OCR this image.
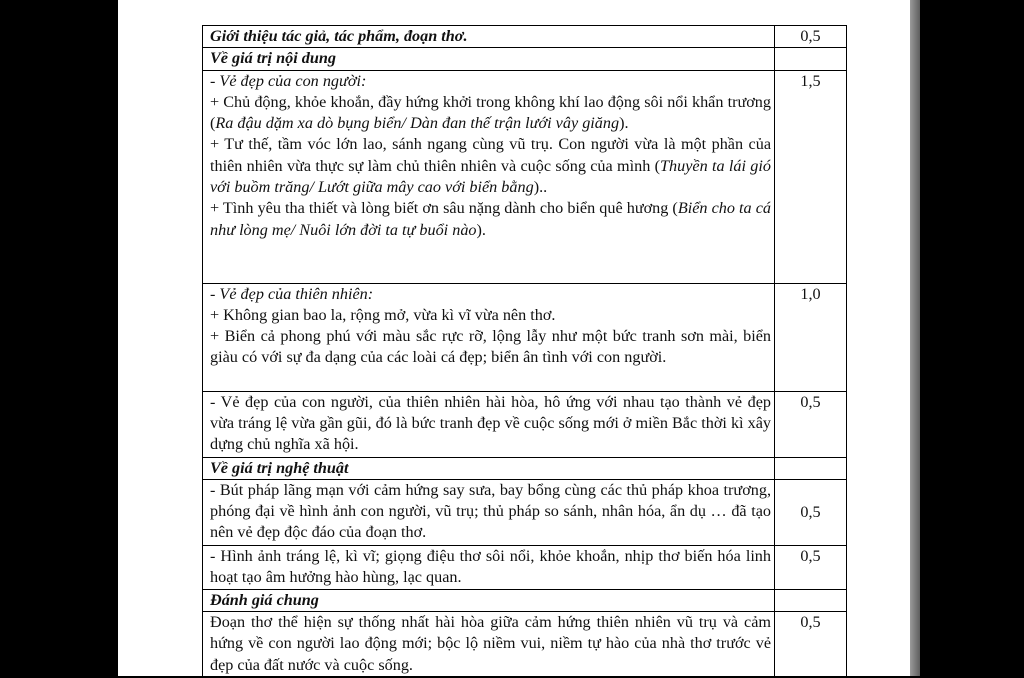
Giới thiệu tác giả, tác phẩm, đoạn thơ.	0,5
Về giá trị nội dung	

- Vẻ đẹp của con người:
+ Chủ động, khỏe khoắn, đầy hứng khởi trong không khí lao động sôi nổi khẩn trương (Ra đậu dặm xa dò bụng biển/ Dàn đan thế trận lưới vây giăng).
+ Tư thế, tầm vóc lớn lao, sánh ngang cùng vũ trụ. Con người vừa là một phần của thiên nhiên vừa thực sự làm chủ thiên nhiên và cuộc sống của mình (Thuyền ta lái gió với buồm trăng/ Lướt giữa mây cao với biển bằng)..
+ Tình yêu tha thiết và lòng biết ơn sâu nặng dành cho biển quê hương (Biển cho ta cá như lòng mẹ/ Nuôi lớn đời ta tự buổi nào).	1,5

- Vẻ đẹp của thiên nhiên:
+ Không gian bao la, rộng mở, vừa kì vĩ vừa nên thơ.
+ Biển cả phong phú với màu sắc rực rỡ, lộng lẫy như một bức tranh sơn mài, biển giàu có với sự đa dạng của các loài cá đẹp; biển ân tình với con người.	1,0

- Vẻ đẹp của con người, của thiên nhiên hài hòa, hô ứng với nhau tạo thành vẻ đẹp vừa tráng lệ vừa gần gũi, đó là bức tranh đẹp về cuộc sống mới ở miền Bắc thời kì xây dựng chủ nghĩa xã hội.	0,5
Về giá trị nghệ thuật	

- Bút pháp lãng mạn với cảm hứng say sưa, bay bổng cùng các thủ pháp khoa trương, phóng đại về hình ảnh con người, vũ trụ; thủ pháp so sánh, nhân hóa, ẩn dụ … đã tạo nên vẻ đẹp độc đáo của đoạn thơ.	0,5

- Hình ảnh tráng lệ, kì vĩ; giọng điệu thơ sôi nổi, khỏe khoắn, nhịp thơ biến hóa linh hoạt tạo âm hưởng hào hùng, lạc quan.	0,5
Đánh giá chung	

Đoạn thơ thể hiện sự thống nhất hài hòa giữa cảm hứng thiên nhiên vũ trụ và cảm hứng về con người lao động mới; bộc lộ niềm vui, niềm tự hào của nhà thơ trước vẻ đẹp của đất nước và cuộc sống.	0,5
